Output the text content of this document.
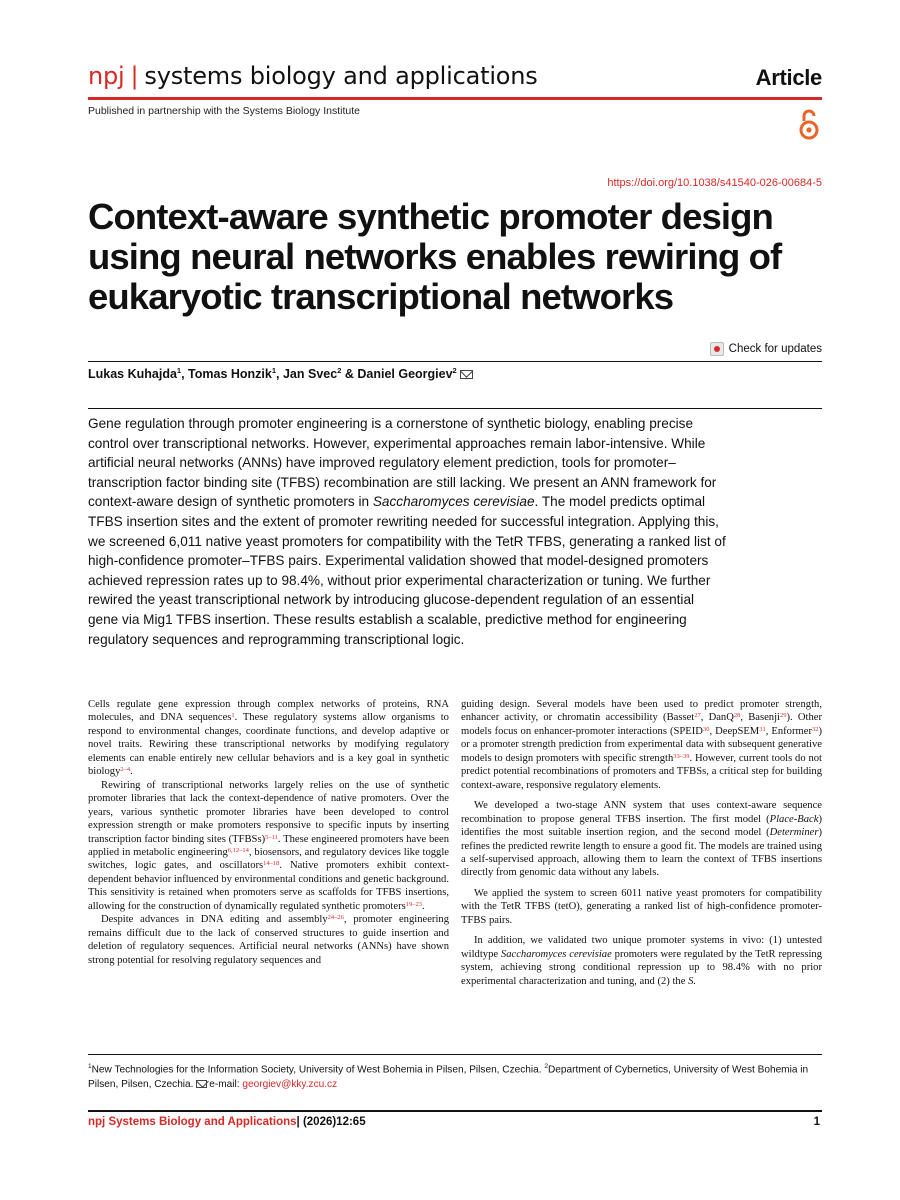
npj | systems biology and applications	Article
Published in partnership with the Systems Biology Institute
https://doi.org/10.1038/s41540-026-00684-5
Context-aware synthetic promoter design using neural networks enables rewiring of eukaryotic transcriptional networks
Check for updates
Lukas Kuhajda$^1$, Tomas Honzik$^1$, Jan Svec$^2$ & Daniel Georgiev$^2$
Gene regulation through promoter engineering is a cornerstone of synthetic biology, enabling precise control over transcriptional networks. However, experimental approaches remain labor-intensive. While artificial neural networks (ANNs) have improved regulatory element prediction, tools for promoter–transcription factor binding site (TFBS) recombination are still lacking. We present an ANN framework for context-aware design of synthetic promoters in Saccharomyces cerevisiae. The model predicts optimal TFBS insertion sites and the extent of promoter rewriting needed for successful integration. Applying this, we screened 6,011 native yeast promoters for compatibility with the TetR TFBS, generating a ranked list of high-confidence promoter–TFBS pairs. Experimental validation showed that model-designed promoters achieved repression rates up to 98.4%, without prior experimental characterization or tuning. We further rewired the yeast transcriptional network by introducing glucose-dependent regulation of an essential gene via Mig1 TFBS insertion. These results establish a scalable, predictive method for engineering regulatory sequences and reprogramming transcriptional logic.

Cells regulate gene expression through complex networks of proteins, RNA molecules, and DNA sequences$^1$. These regulatory systems allow organisms to respond to environmental changes, coordinate functions, and develop adaptive or novel traits. Rewiring these transcriptional networks by modifying regulatory elements can enable entirely new cellular behaviors and is a key goal in synthetic biology$^{2-4}$.

Rewiring of transcriptional networks largely relies on the use of synthetic promoter libraries that lack the context-dependence of native promoters. Over the years, various synthetic promoter libraries have been developed to control expression strength or make promoters responsive to specific inputs by inserting transcription factor binding sites (TFBSs)$^{5-11}$. These engineered promoters have been applied in metabolic engineering$^{6,12-14}$, biosensors, and regulatory devices like toggle switches, logic gates, and oscillators$^{14-18}$. Native promoters exhibit context-dependent behavior influenced by environmental conditions and genetic background. This sensitivity is retained when promoters serve as scaffolds for TFBS insertions, allowing for the construction of dynamically regulated synthetic promoters$^{19-23}$.

Despite advances in DNA editing and assembly$^{24-26}$, promoter engineering remains difficult due to the lack of conserved structures to guide insertion and deletion of regulatory sequences. Artificial neural networks (ANNs) have shown strong potential for resolving regulatory sequences and

guiding design. Several models have been used to predict promoter strength, enhancer activity, or chromatin accessibility (Basset$^{27}$, DanQ$^{28}$, Basenji$^{29}$). Other models focus on enhancer-promoter interactions (SPEID$^{30}$, DeepSEM$^{31}$, Enformer$^{32}$) or a promoter strength prediction from experimental data with subsequent generative models to design promoters with specific strength$^{33-39}$. However, current tools do not predict potential recombinations of promoters and TFBSs, a critical step for building context-aware, responsive regulatory elements.

We developed a two-stage ANN system that uses context-aware sequence recombination to propose general TFBS insertion. The first model (Place-Back) identifies the most suitable insertion region, and the second model (Determiner) refines the predicted rewrite length to ensure a good fit. The models are trained using a self-supervised approach, allowing them to learn the context of TFBS insertions directly from genomic data without any labels.

We applied the system to screen 6011 native yeast promoters for compatibility with the TetR TFBS (tetO), generating a ranked list of high-confidence promoter-TFBS pairs.

In addition, we validated two unique promoter systems in vivo: (1) untested wildtype Saccharomyces cerevisiae promoters were regulated by the TetR repressing system, achieving strong conditional repression up to 98.4% with no prior experimental characterization and tuning, and (2) the S.

$^1$New Technologies for the Information Society, University of West Bohemia in Pilsen, Pilsen, Czechia. $^2$Department of Cybernetics, University of West Bohemia in Pilsen, Pilsen, Czechia. e-mail: georgiev@kky.zcu.cz
npj Systems Biology and Applications| (2026)12:65	1
